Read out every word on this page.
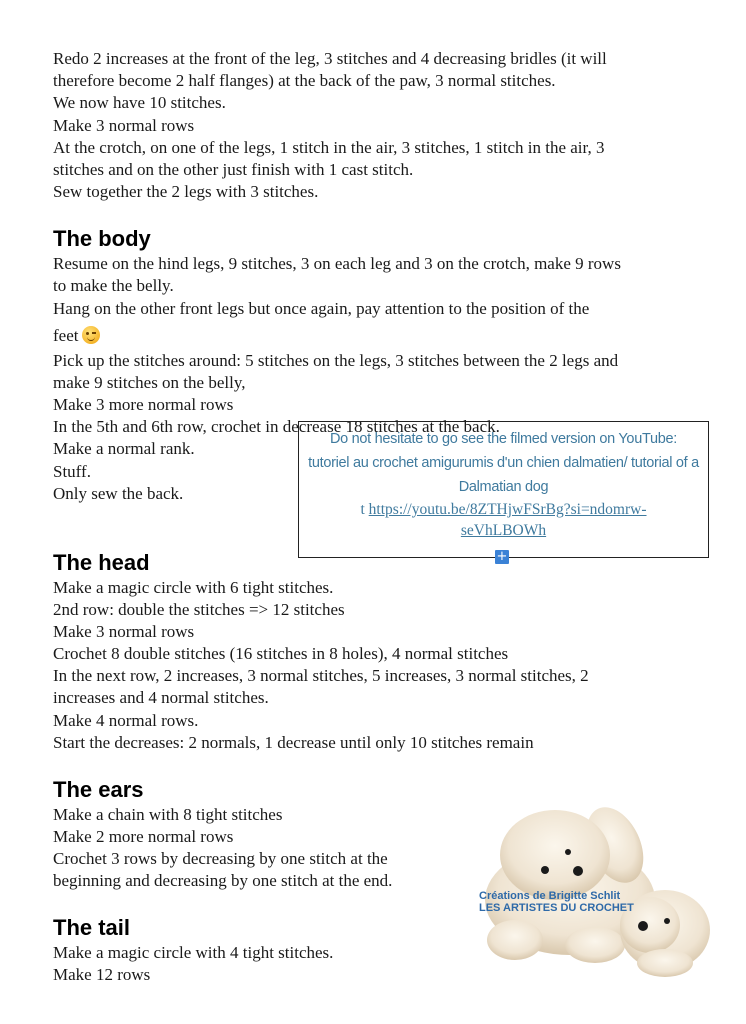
Redo 2 increases at the front of the leg, 3 stitches and 4 decreasing bridles (it will
therefore become 2 half flanges) at the back of the paw, 3 normal stitches.
We now have 10 stitches.
Make 3 normal rows
At the crotch, on one of the legs, 1 stitch in the air, 3 stitches, 1 stitch in the air, 3
stitches and on the other just finish with 1 cast stitch.
Sew together the 2 legs with 3 stitches.
The body
Resume on the hind legs, 9 stitches, 3 on each leg and 3 on the crotch, make 9 rows
to make the belly.
Hang on the other front legs but once again, pay attention to the position of the
feet
Pick up the stitches around: 5 stitches on the legs, 3 stitches between the 2 legs and
make 9 stitches on the belly,
Make 3 more normal rows
In the 5th and 6th row, crochet in decrease 18 stitches at the back.
Make a normal rank.
Stuff.
Only sew the back.
Do not hesitate to go see the filmed version on YouTube:
tutoriel au crochet amigurumis d'un chien dalmatien/ tutorial of a
Dalmatian dog
t https://youtu.be/8ZTHjwFSrBg?si=ndomrw-
seVhLBOWh
+
The head
Make a magic circle with 6 tight stitches.
2nd row: double the stitches => 12 stitches
Make 3 normal rows
Crochet 8 double stitches (16 stitches in 8 holes), 4 normal stitches
In the next row, 2 increases, 3 normal stitches, 5 increases, 3 normal stitches, 2
increases and 4 normal stitches.
Make 4 normal rows.
Start the decreases: 2 normals, 1 decrease until only 10 stitches remain
The ears
Make a chain with 8 tight stitches
Make 2 more normal rows
Crochet 3 rows by decreasing by one stitch at the
beginning and decreasing by one stitch at the end.
The tail
Make a magic circle with 4 tight stitches.
Make 12 rows
Créations de Brigitte Schlit
LES ARTISTES DU CROCHET
